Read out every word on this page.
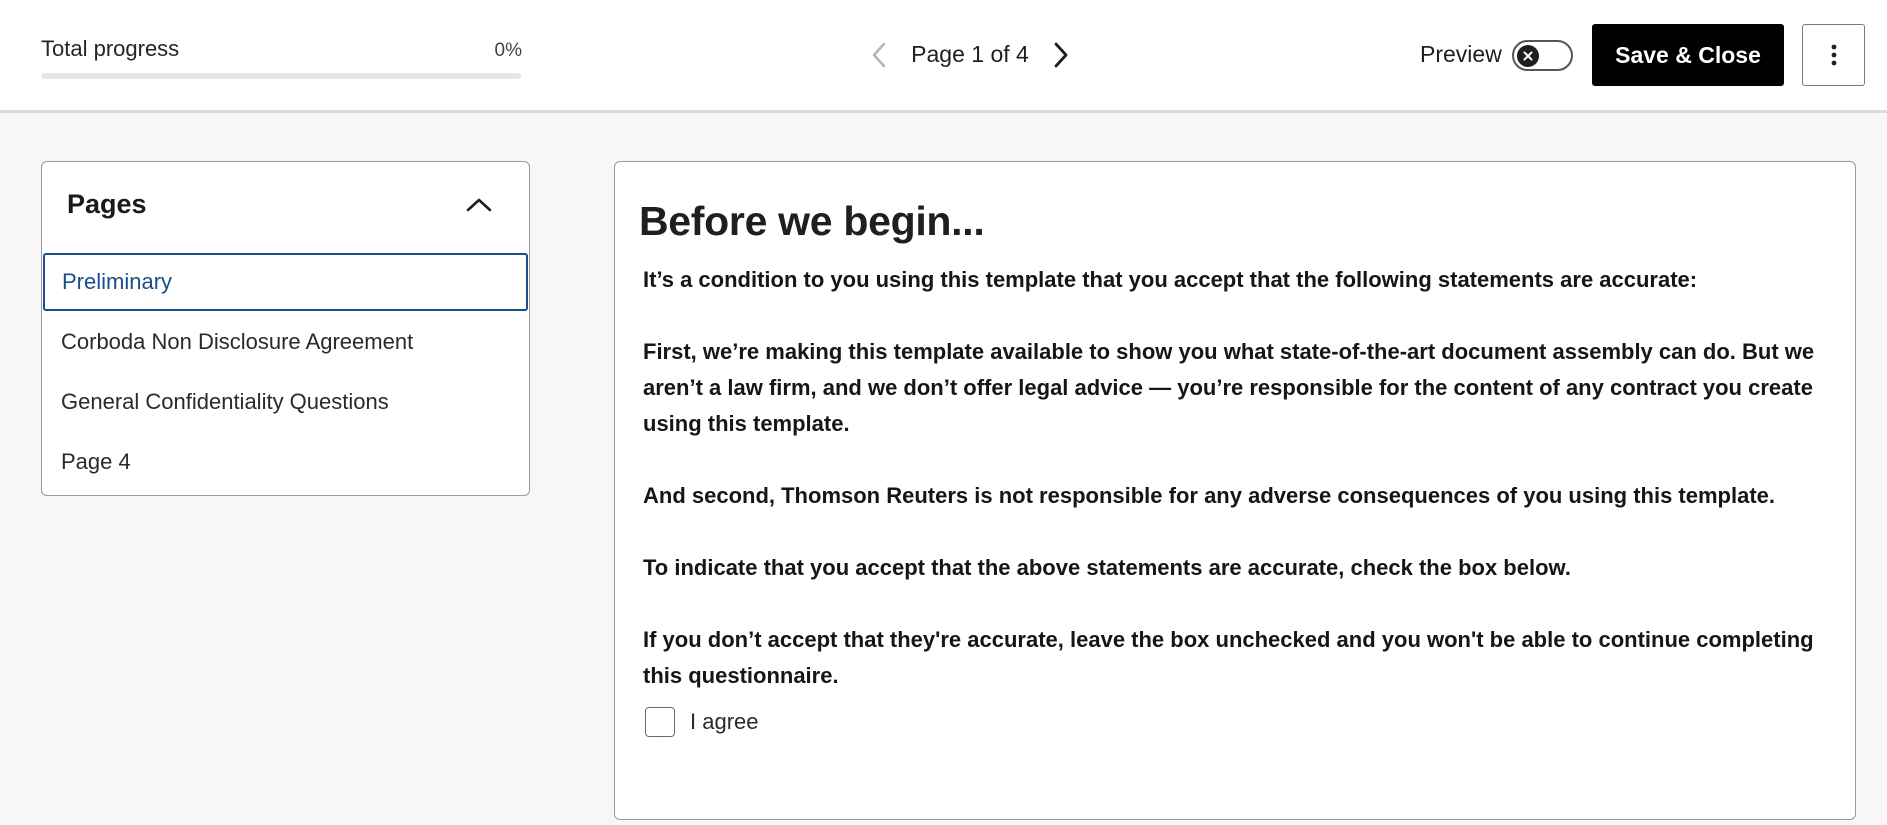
Total progress	0%	Page 1 of 4	Preview	Save & Close
Pages
Preliminary
Corboda Non Disclosure Agreement
General Confidentiality Questions
Page 4
Before we begin...

It’s a condition to you using this template that you accept that the following statements are accurate:

First, we’re making this template available to show you what state-of-the-art document assembly can do. But we aren’t a law firm, and we don’t offer legal advice — you’re responsible for the content of any contract you create using this template.

And second, Thomson Reuters is not responsible for any adverse consequences of you using this template.

To indicate that you accept that the above statements are accurate, check the box below.

If you don’t accept that they're accurate, leave the box unchecked and you won't be able to continue completing this questionnaire.

I agree
